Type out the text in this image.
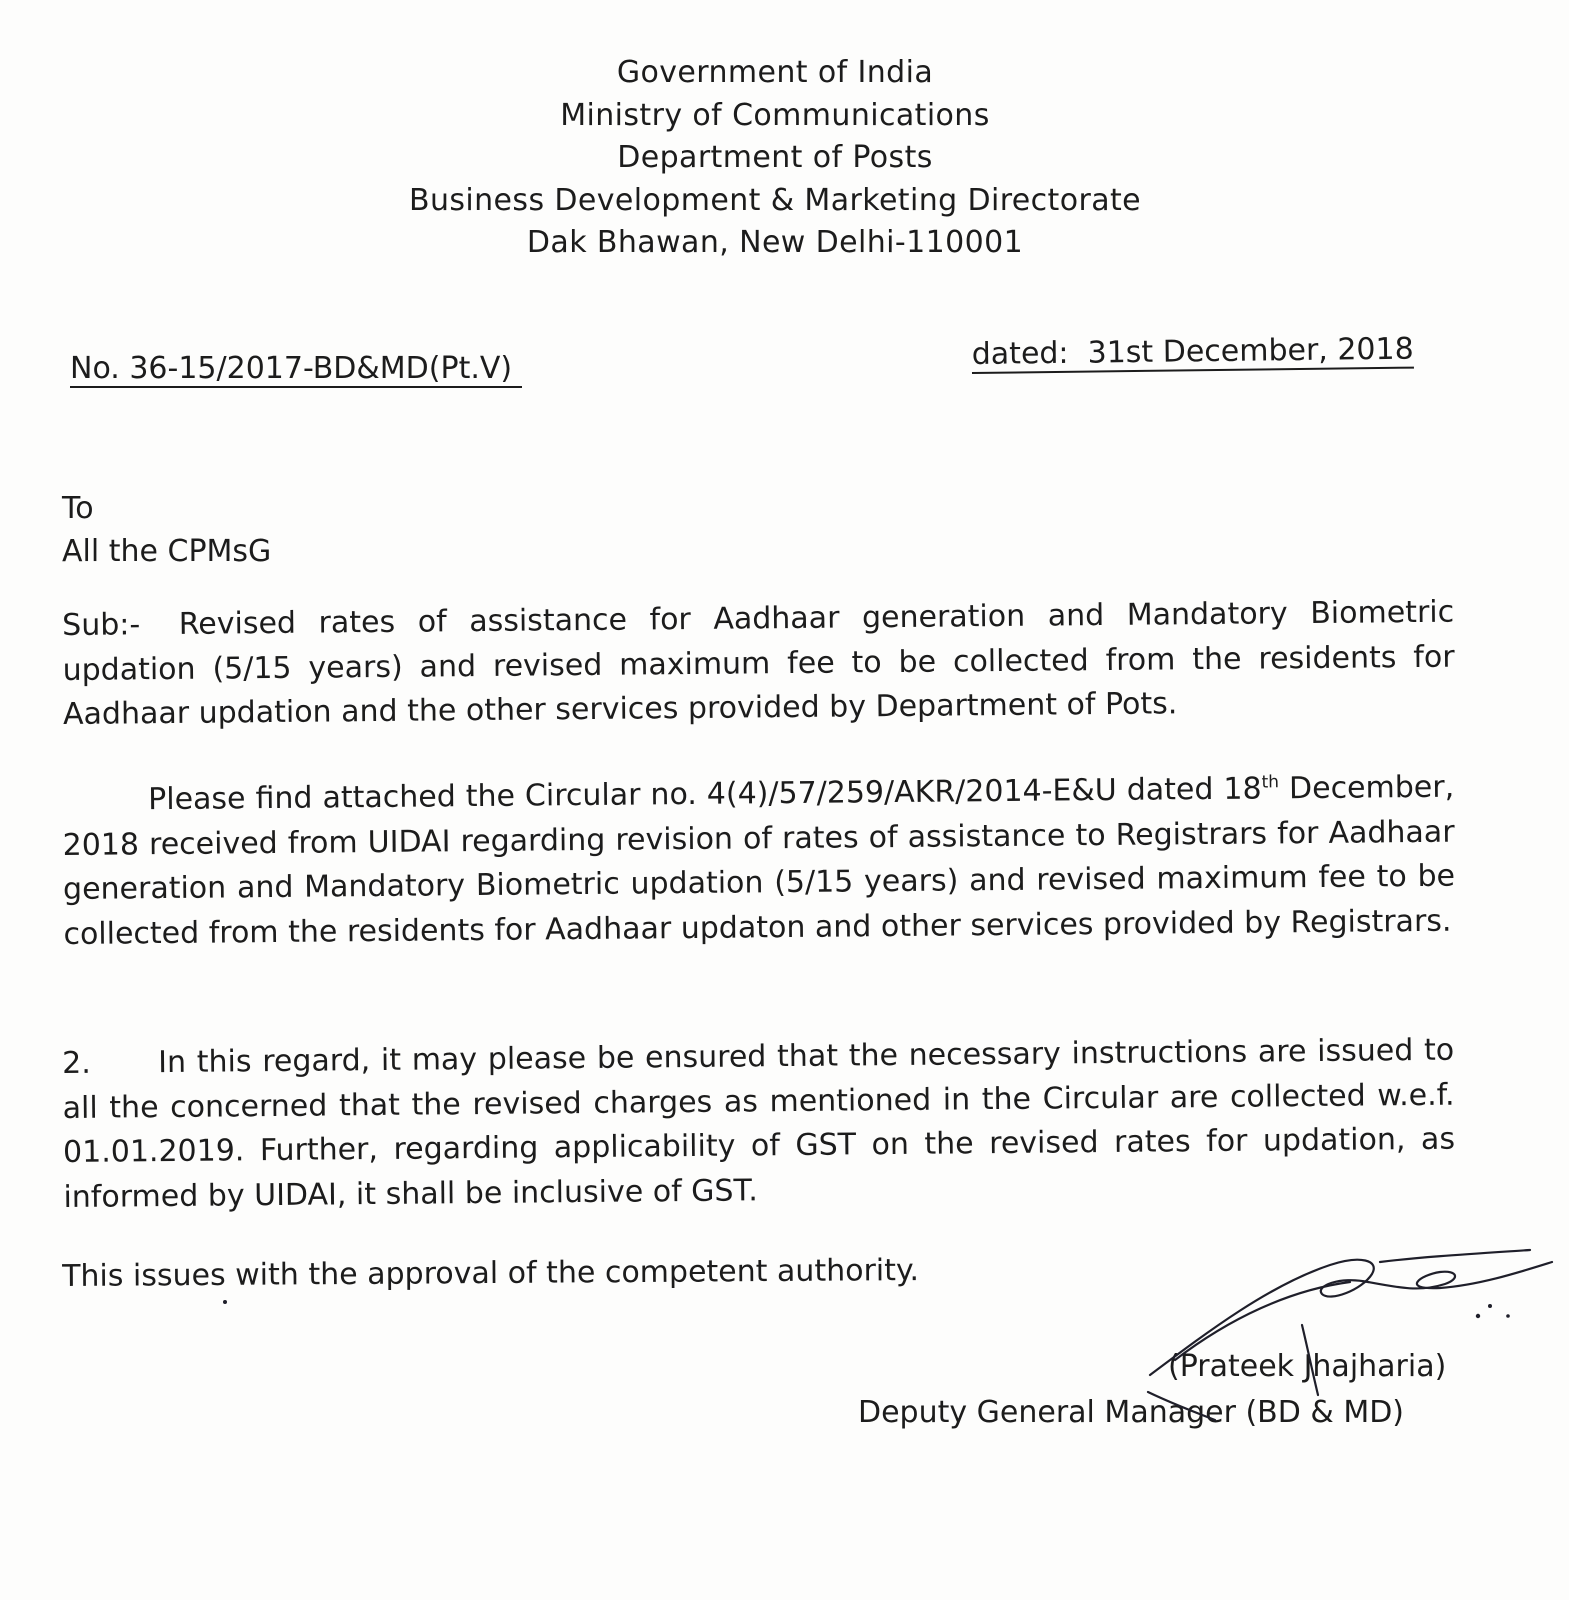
Government of India
Ministry of Communications
Department of Posts
Business Development & Marketing Directorate
Dak Bhawan, New Delhi-110001
No. 36-15/2017-BD&MD(Pt.V)	dated: 31st December, 2018
To
All the CPMsG
Sub:- Revised rates of assistance for Aadhaar generation and Mandatory Biometric updation (5/15 years) and revised maximum fee to be collected from the residents for Aadhaar updation and the other services provided by Department of Pots.
Please find attached the Circular no. 4(4)/57/259/AKR/2014-E&U dated 18th December, 2018 received from UIDAI regarding revision of rates of assistance to Registrars for Aadhaar generation and Mandatory Biometric updation (5/15 years) and revised maximum fee to be collected from the residents for Aadhaar updaton and other services provided by Registrars.
2. In this regard, it may please be ensured that the necessary instructions are issued to all the concerned that the revised charges as mentioned in the Circular are collected w.e.f. 01.01.2019. Further, regarding applicability of GST on the revised rates for updation, as informed by UIDAI, it shall be inclusive of GST.
This issues with the approval of the competent authority.
(Prateek Jhajharia)
Deputy General Manager (BD & MD)
